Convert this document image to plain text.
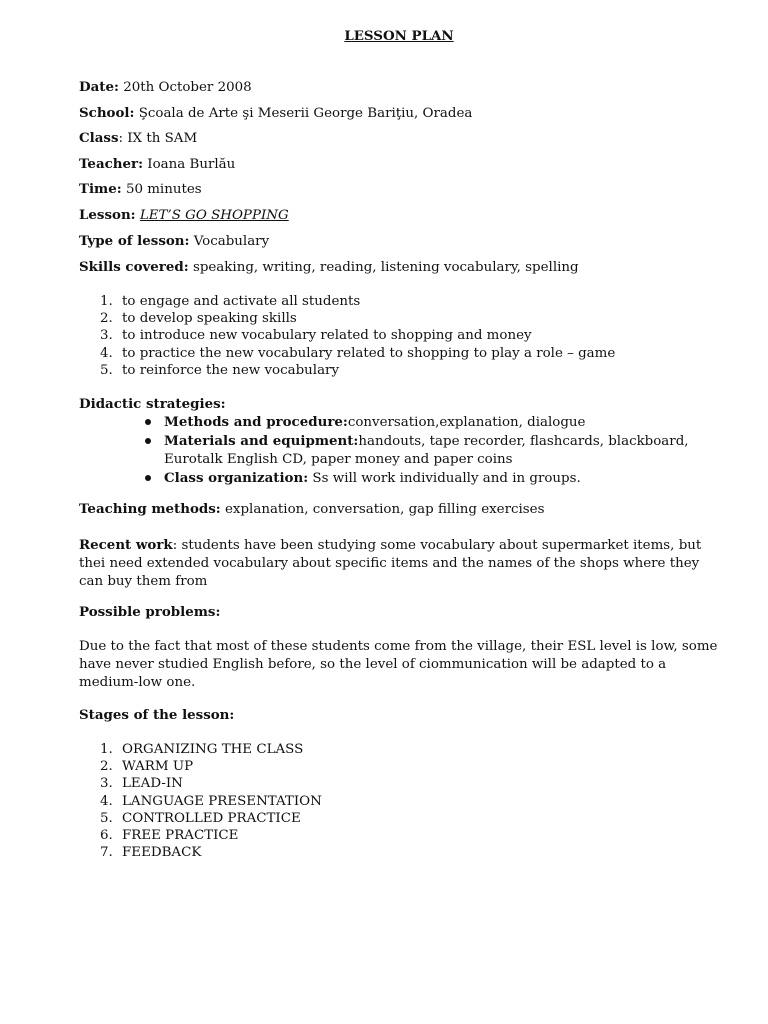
LESSON PLAN
Date: 20th October 2008
School: Şcoala de Arte şi Meserii George Bariţiu, Oradea
Class: IX th SAM
Teacher: Ioana Burlău
Time: 50 minutes
Lesson: LET’S GO SHOPPING
Type of lesson: Vocabulary
Skills covered: speaking, writing, reading, listening vocabulary, spelling
1. to engage and activate all students
2. to develop speaking skills
3. to introduce new vocabulary related to shopping and money
4. to practice the new vocabulary related to shopping to play a role – game
5. to reinforce the new vocabulary
Didactic strategies:
Methods and procedure:conversation,explanation, dialogue
Materials and equipment:handouts, tape recorder, flashcards, blackboard, Eurotalk English CD, paper money and paper coins
Class organization: Ss will work individually and in groups.
Teaching methods: explanation, conversation, gap filling exercises
Recent work: students have been studying some vocabulary about supermarket items, but thei need extended vocabulary about specific items and the names of the shops where they can buy them from
Possible problems:
Due to the fact that most of these students come from the village, their ESL level is low, some have never studied English before, so the level of ciommunication will be adapted to a medium-low one.
Stages of the lesson:
1. ORGANIZING THE CLASS
2. WARM UP
3. LEAD-IN
4. LANGUAGE PRESENTATION
5. CONTROLLED PRACTICE
6. FREE PRACTICE
7. FEEDBACK
